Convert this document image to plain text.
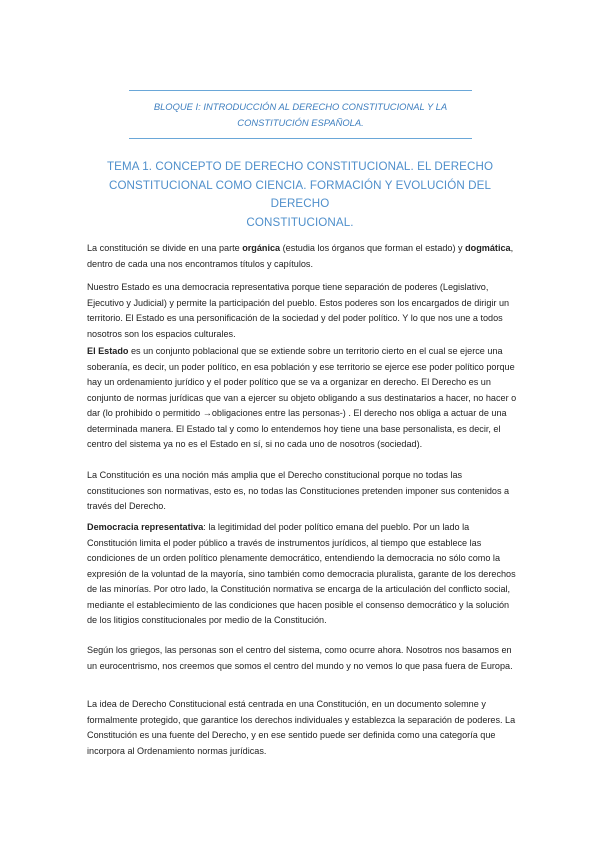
BLOQUE I: INTRODUCCIÓN AL DERECHO CONSTITUCIONAL Y LA
CONSTITUCIÓN ESPAÑOLA.
TEMA 1. CONCEPTO DE DERECHO CONSTITUCIONAL. EL DERECHO
CONSTITUCIONAL COMO CIENCIA. FORMACIÓN Y EVOLUCIÓN DEL DERECHO
CONSTITUCIONAL.

La constitución se divide en una parte orgánica (estudia los órganos que forman el estado) y dogmática, dentro de cada una nos encontramos títulos y capítulos.

Nuestro Estado es una democracia representativa porque tiene separación de poderes (Legislativo, Ejecutivo y Judicial) y permite la participación del pueblo. Estos poderes son los encargados de dirigir un territorio. El Estado es una personificación de la sociedad y del poder político. Y lo que nos une a todos nosotros son los espacios culturales.

El Estado es un conjunto poblacional que se extiende sobre un territorio cierto en el cual se ejerce una soberanía, es decir, un poder político, en esa población y ese territorio se ejerce ese poder político porque hay un ordenamiento jurídico y el poder político que se va a organizar en derecho. El Derecho es un conjunto de normas jurídicas que van a ejercer su objeto obligando a sus destinatarios a hacer, no hacer o dar (lo prohibido o permitido →obligaciones entre las personas-) . El derecho nos obliga a actuar de una determinada manera. El Estado tal y como lo entendemos hoy tiene una base personalista, es decir, el centro del sistema ya no es el Estado en sí, si no cada uno de nosotros (sociedad).

La Constitución es una noción más amplia que el Derecho constitucional porque no todas las constituciones son normativas, esto es, no todas las Constituciones pretenden imponer sus contenidos a través del Derecho.

Democracia representativa: la legitimidad del poder político emana del pueblo. Por un lado la Constitución limita el poder público a través de instrumentos jurídicos, al tiempo que establece las condiciones de un orden político plenamente democrático, entendiendo la democracia no sólo como la expresión de la voluntad de la mayoría, sino también como democracia pluralista, garante de los derechos de las minorías. Por otro lado, la Constitución normativa se encarga de la articulación del conflicto social, mediante el establecimiento de las condiciones que hacen posible el consenso democrático y la solución de los litigios constitucionales por medio de la Constitución.

Según los griegos, las personas son el centro del sistema, como ocurre ahora. Nosotros nos basamos en un eurocentrismo, nos creemos que somos el centro del mundo y no vemos lo que pasa fuera de Europa.

La idea de Derecho Constitucional está centrada en una Constitución, en un documento solemne y formalmente protegido, que garantice los derechos individuales y establezca la separación de poderes. La Constitución es una fuente del Derecho, y en ese sentido puede ser definida como una categoría que incorpora al Ordenamiento normas jurídicas.
